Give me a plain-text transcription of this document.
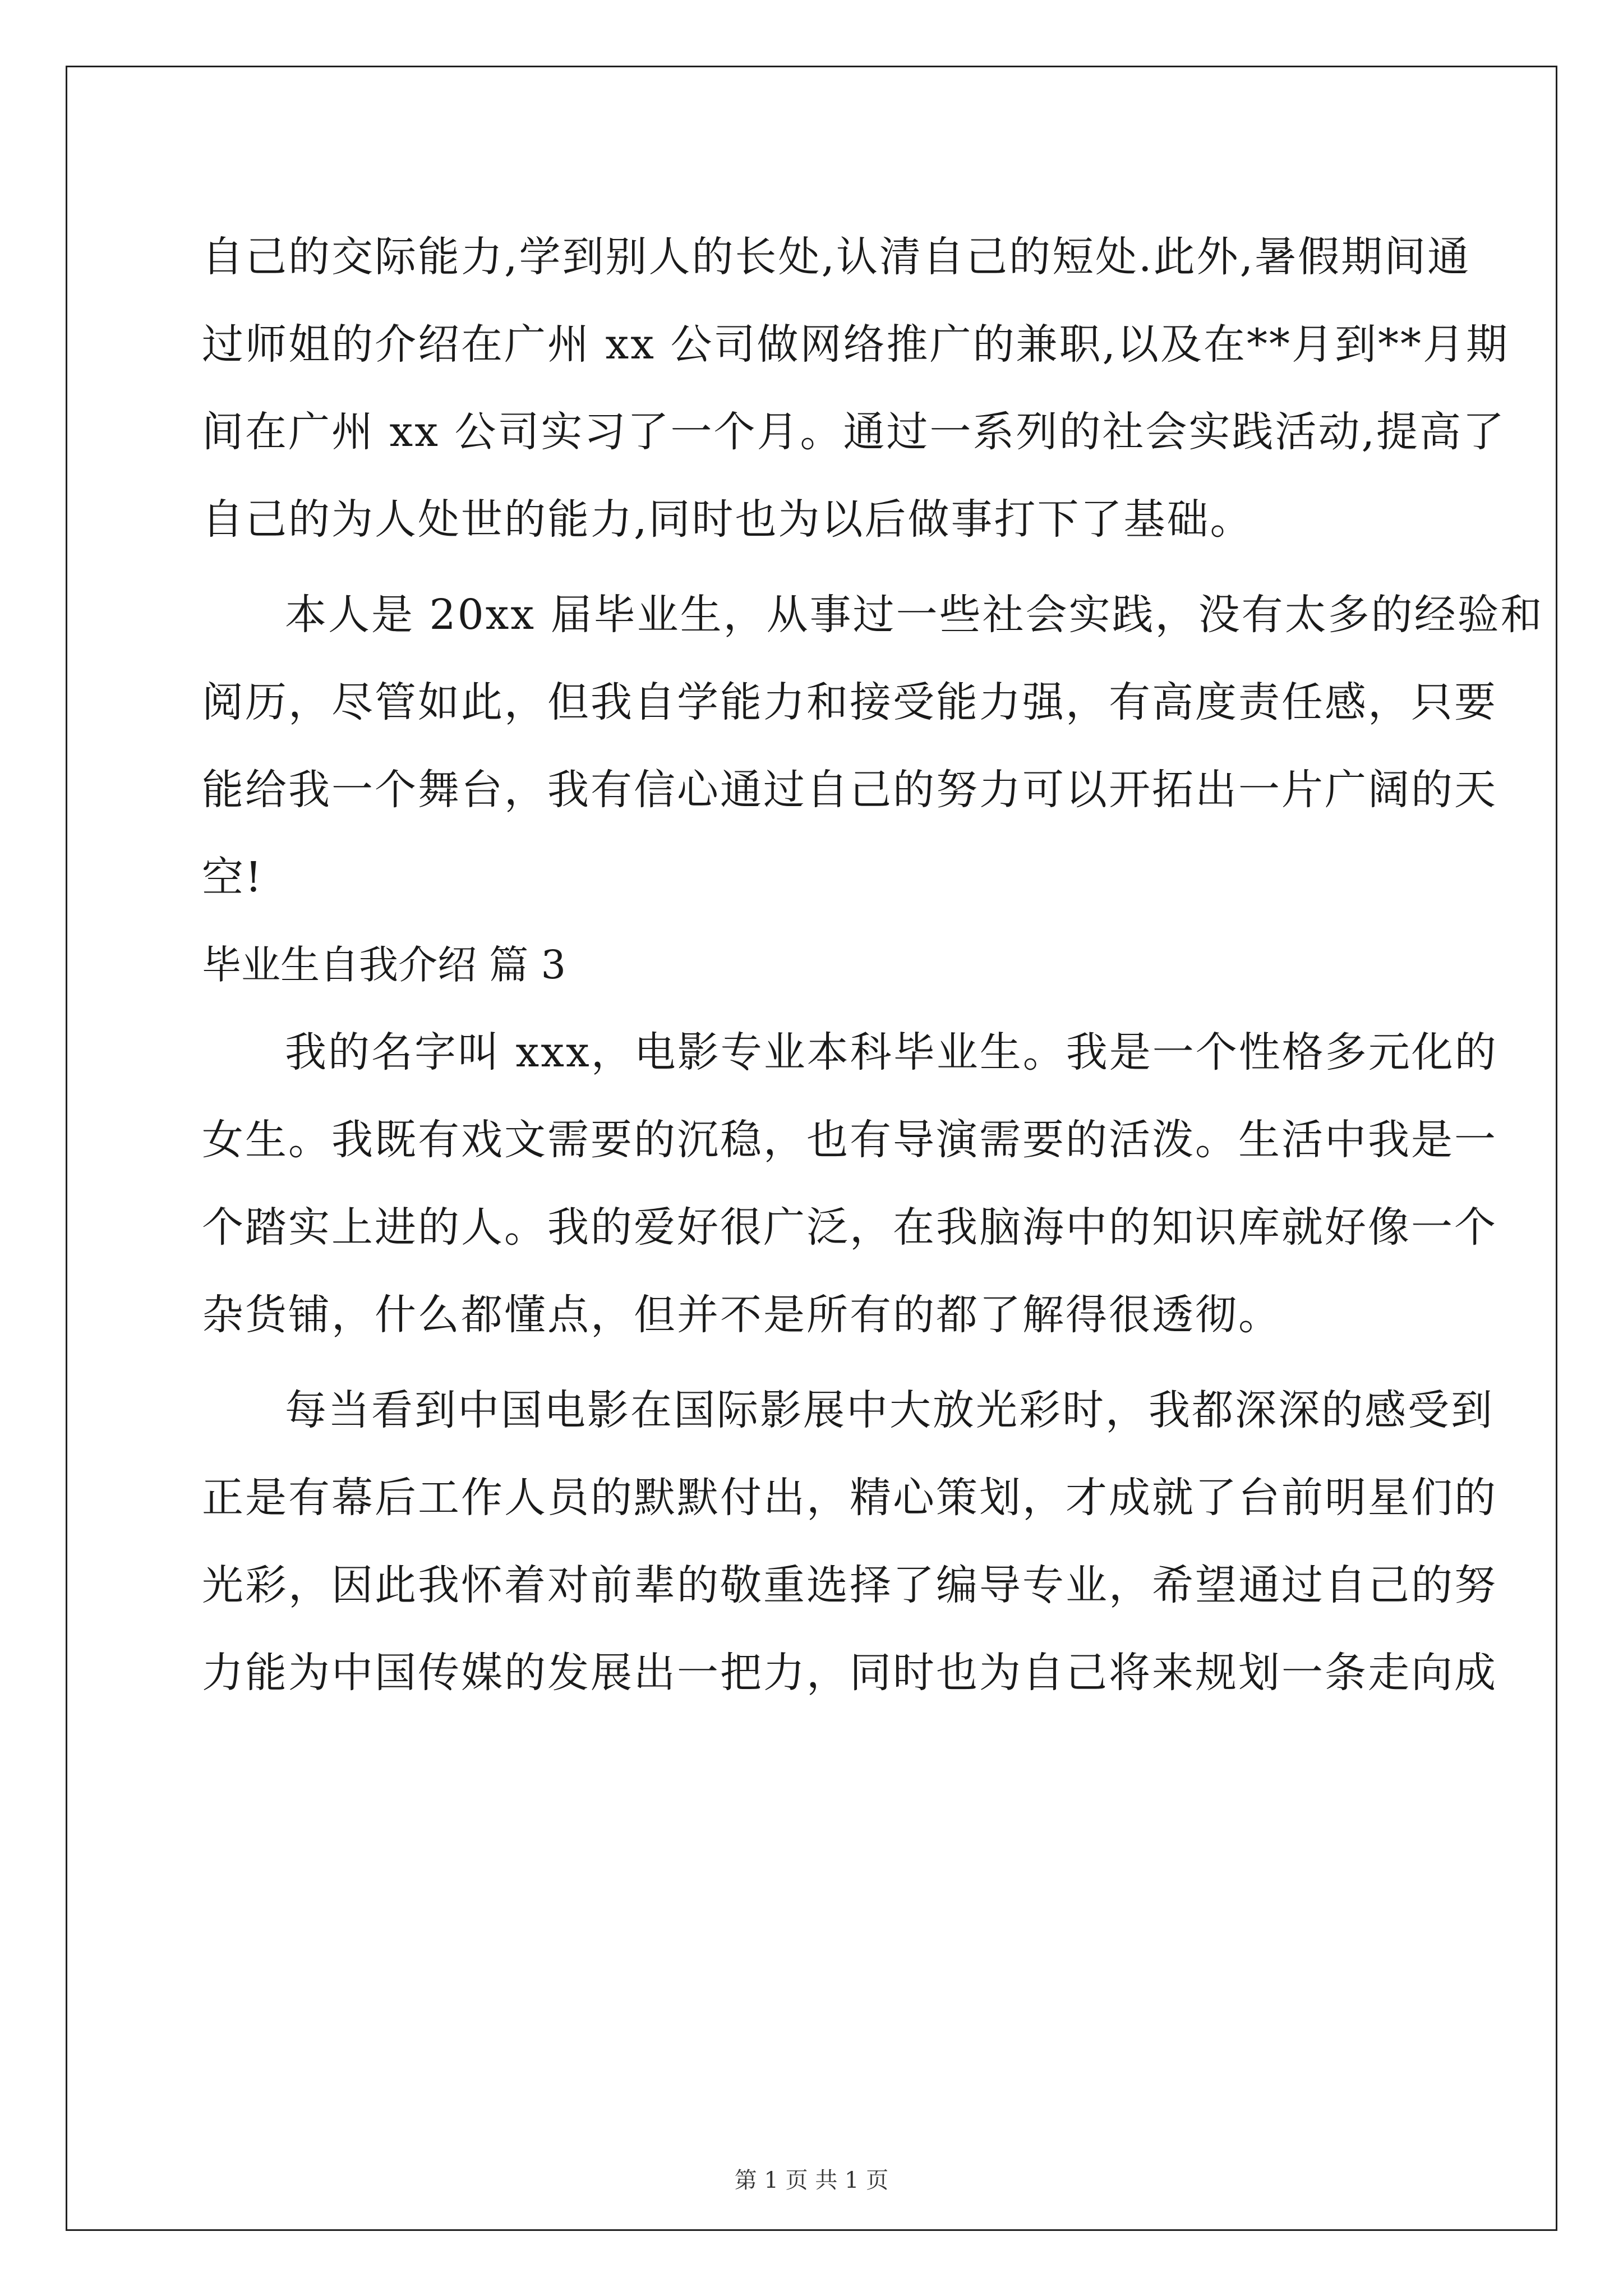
自己的交际能力,学到别人的长处,认清自己的短处.此外,暑假期间通
过师姐的介绍在广州 xx 公司做网络推广的兼职,以及在**月到**月期
间在广州 xx 公司实习了一个月。通过一系列的社会实践活动,提高了
自己的为人处世的能力,同时也为以后做事打下了基础。
本人是 20xx 届毕业生，从事过一些社会实践，没有太多的经验和
阅历，尽管如此，但我自学能力和接受能力强，有高度责任感，只要
能给我一个舞台，我有信心通过自己的努力可以开拓出一片广阔的天
空!
毕业生自我介绍 篇 3
我的名字叫 xxx，电影专业本科毕业生。我是一个性格多元化的
女生。我既有戏文需要的沉稳，也有导演需要的活泼。生活中我是一
个踏实上进的人。我的爱好很广泛，在我脑海中的知识库就好像一个
杂货铺，什么都懂点，但并不是所有的都了解得很透彻。
每当看到中国电影在国际影展中大放光彩时，我都深深的感受到
正是有幕后工作人员的默默付出，精心策划，才成就了台前明星们的
光彩，因此我怀着对前辈的敬重选择了编导专业，希望通过自己的努
力能为中国传媒的发展出一把力，同时也为自己将来规划一条走向成
第 1 页 共 1 页
